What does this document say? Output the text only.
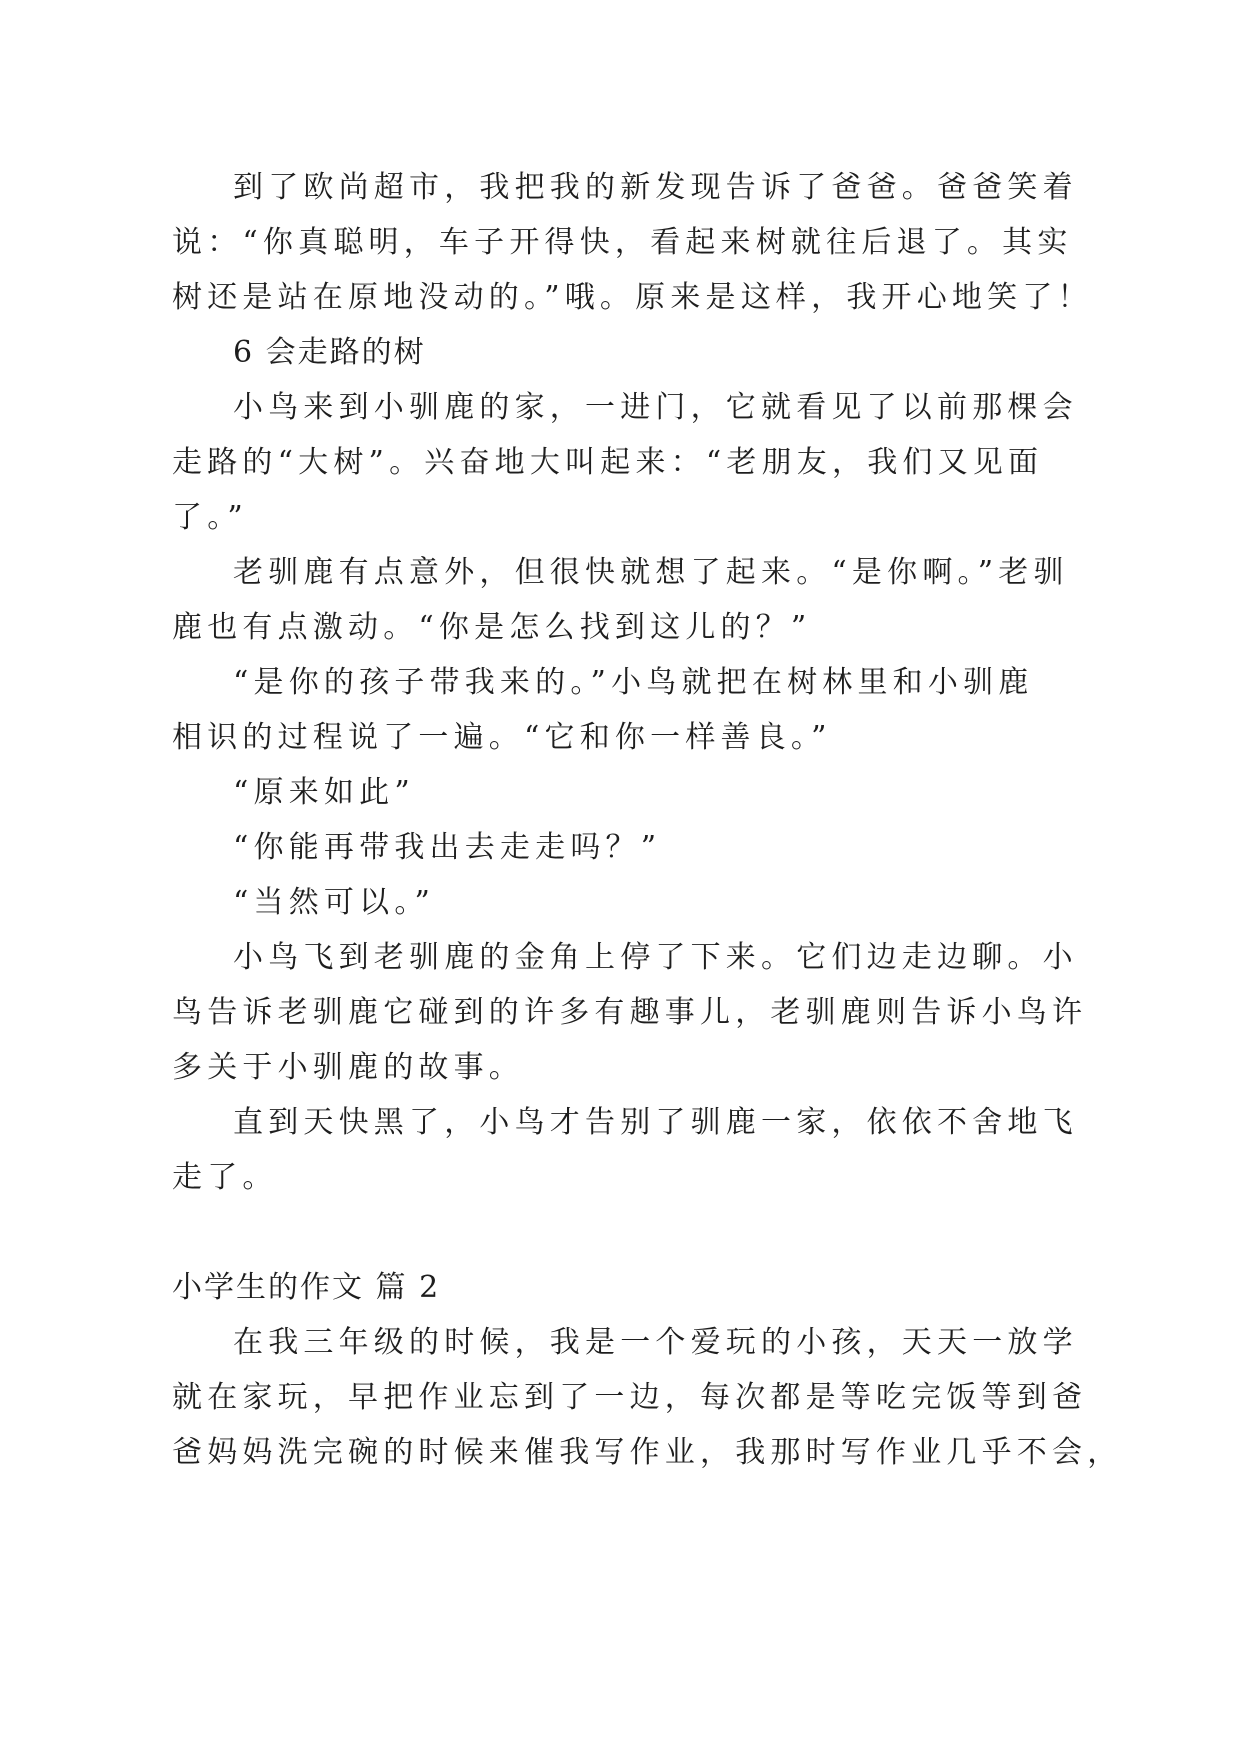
到了欧尚超市，我把我的新发现告诉了爸爸。爸爸笑着
说：“你真聪明，车子开得快，看起来树就往后退了。其实
树还是站在原地没动的。”哦。原来是这样，我开心地笑了！
6 会走路的树
小鸟来到小驯鹿的家，一进门，它就看见了以前那棵会
走路的“大树”。兴奋地大叫起来：“老朋友，我们又见面
了。”
老驯鹿有点意外，但很快就想了起来。“是你啊。”老驯
鹿也有点激动。“你是怎么找到这儿的？”
“是你的孩子带我来的。”小鸟就把在树林里和小驯鹿
相识的过程说了一遍。“它和你一样善良。”
“原来如此”
“你能再带我出去走走吗？”
“当然可以。”
小鸟飞到老驯鹿的金角上停了下来。它们边走边聊。小
鸟告诉老驯鹿它碰到的许多有趣事儿，老驯鹿则告诉小鸟许
多关于小驯鹿的故事。
直到天快黑了，小鸟才告别了驯鹿一家，依依不舍地飞
走了。
小学生的作文 篇 2
在我三年级的时候，我是一个爱玩的小孩，天天一放学
就在家玩，早把作业忘到了一边，每次都是等吃完饭等到爸
爸妈妈洗完碗的时候来催我写作业，我那时写作业几乎不会，
